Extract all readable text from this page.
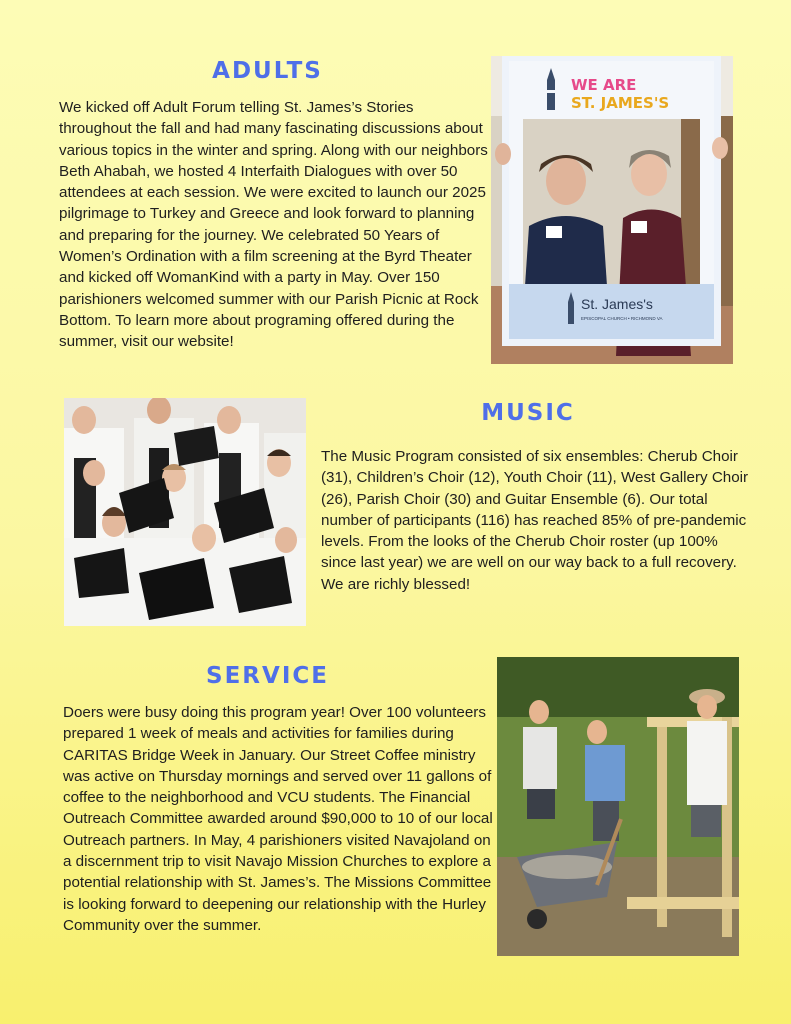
ADULTS

We kicked off Adult Forum telling St. James’s Stories throughout the fall and had many fascinating discussions about various topics in the winter and spring. Along with our neighbors Beth Ahabah, we hosted 4 Interfaith Dialogues with over 50 attendees at each session. We were excited to launch our 2025 pilgrimage to Turkey and Greece and look forward to planning and preparing for the journey. We celebrated 50 Years of Women’s Ordination with a film screening at the Byrd Theater and kicked off WomanKind with a party in May. Over 150 parishioners welcomed summer with our Parish Picnic at Rock Bottom. To learn more about programing offered during the summer, visit our website!

WE ARE
ST. JAMES'S
St. James's
EPISCOPAL CHURCH • RICHMOND VA
MUSIC

The Music Program consisted of six ensembles: Cherub Choir (31), Children’s Choir (12), Youth Choir (11), West Gallery Choir (26), Parish Choir (30) and Guitar Ensemble (6). Our total number of participants (116) has reached 85% of pre-pandemic levels. From the looks of the Cherub Choir roster (up 100% since last year) we are well on our way back to a full recovery. We are richly blessed!

SERVICE

Doers were busy doing this program year! Over 100 volunteers prepared 1 week of meals and activities for families during CARITAS Bridge Week in January. Our Street Coffee ministry was active on Thursday mornings and served over 11 gallons of coffee to the neighborhood and VCU students. The Financial Outreach Committee awarded around $90,000 to 10 of our local Outreach partners. In May, 4 parishioners visited Navajoland on a discernment trip to visit Navajo Mission Churches to explore a potential relationship with St. James’s. The Missions Committee is looking forward to deepening our relationship with the Hurley Community over the summer.
